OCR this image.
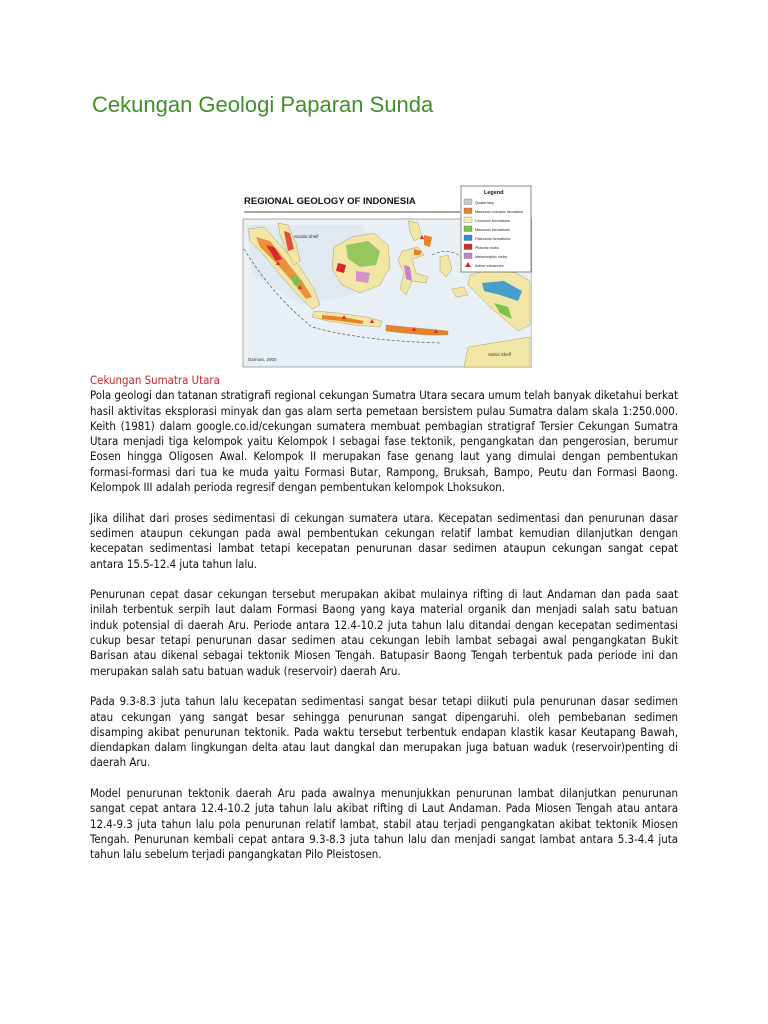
Cekungan Geologi Paparan Sunda
REGIONAL GEOLOGY OF INDONESIA
Sunda Shelf
Sahul Shelf
Darman, 2000
Legend
Quaternary
Mesozoic-volcanic formation
Cenozoic formations
Mesozoic formations
Paleozoic formations
Plutonic rocks
Metamorphic rocks
Active volcanoes

Cekungan Sumatra Utara

Pola geologi dan tatanan stratigrafi regional cekungan Sumatra Utara secara umum telah banyak diketahui berkat hasil aktivitas eksplorasi minyak dan gas alam serta pemetaan bersistem pulau Sumatra dalam skala 1:250.000. Keith (1981) dalam google.co.id/cekungan sumatera membuat pembagian stratigraf Tersier Cekungan Sumatra Utara menjadi tiga kelompok yaitu Kelompok I sebagai fase tektonik, pengangkatan dan pengerosian, berumur Eosen hingga Oligosen Awal. Kelompok II merupakan fase genang laut yang dimulai dengan pembentukan formasi-formasi dari tua ke muda yaitu Formasi Butar, Rampong, Bruksah, Bampo, Peutu dan Formasi Baong. Kelompok III adalah perioda regresif dengan pembentukan kelompok Lhoksukon.

Jika dilihat dari proses sedimentasi di cekungan sumatera utara. Kecepatan sedimentasi dan penurunan dasar sedimen ataupun cekungan pada awal pembentukan cekungan relatif lambat kemudian dilanjutkan dengan kecepatan sedimentasi lambat tetapi kecepatan penurunan dasar sedimen ataupun cekungan sangat cepat antara 15.5-12.4 juta tahun lalu.

Penurunan cepat dasar cekungan tersebut merupakan akibat mulainya rifting di laut Andaman dan pada saat inilah terbentuk serpih laut dalam Formasi Baong yang kaya material organik dan menjadi salah satu batuan induk potensial di daerah Aru. Periode antara 12.4-10.2 juta tahun lalu ditandai dengan kecepatan sedimentasi cukup besar tetapi penurunan dasar sedimen atau cekungan lebih lambat sebagai awal pengangkatan Bukit Barisan atau dikenal sebagai tektonik Miosen Tengah. Batupasir Baong Tengah terbentuk pada periode ini dan merupakan salah satu batuan waduk (reservoir) daerah Aru.

Pada 9.3-8.3 juta tahun lalu kecepatan sedimentasi sangat besar tetapi diikuti pula penurunan dasar sedimen atau cekungan yang sangat besar sehingga penurunan sangat dipengaruhi. oleh pembebanan sedimen disamping akibat penurunan tektonik. Pada waktu tersebut terbentuk endapan klastik kasar Keutapang Bawah, diendapkan dalam lingkungan delta atau laut dangkal dan merupakan juga batuan waduk (reservoir)penting di daerah Aru.

Model penurunan tektonik daerah Aru pada awalnya menunjukkan penurunan lambat dilanjutkan penurunan sangat cepat antara 12.4-10.2 juta tahun lalu akibat rifting di Laut Andaman. Pada Miosen Tengah atau antara 12.4-9.3 juta tahun lalu pola penurunan relatif lambat, stabil atau terjadi pengangkatan akibat tektonik Miosen Tengah. Penurunan kembali cepat antara 9.3-8.3 juta tahun lalu dan menjadi sangat lambat antara 5.3-4.4 juta tahun lalu sebelum terjadi pangangkatan Pilo Pleistosen.
